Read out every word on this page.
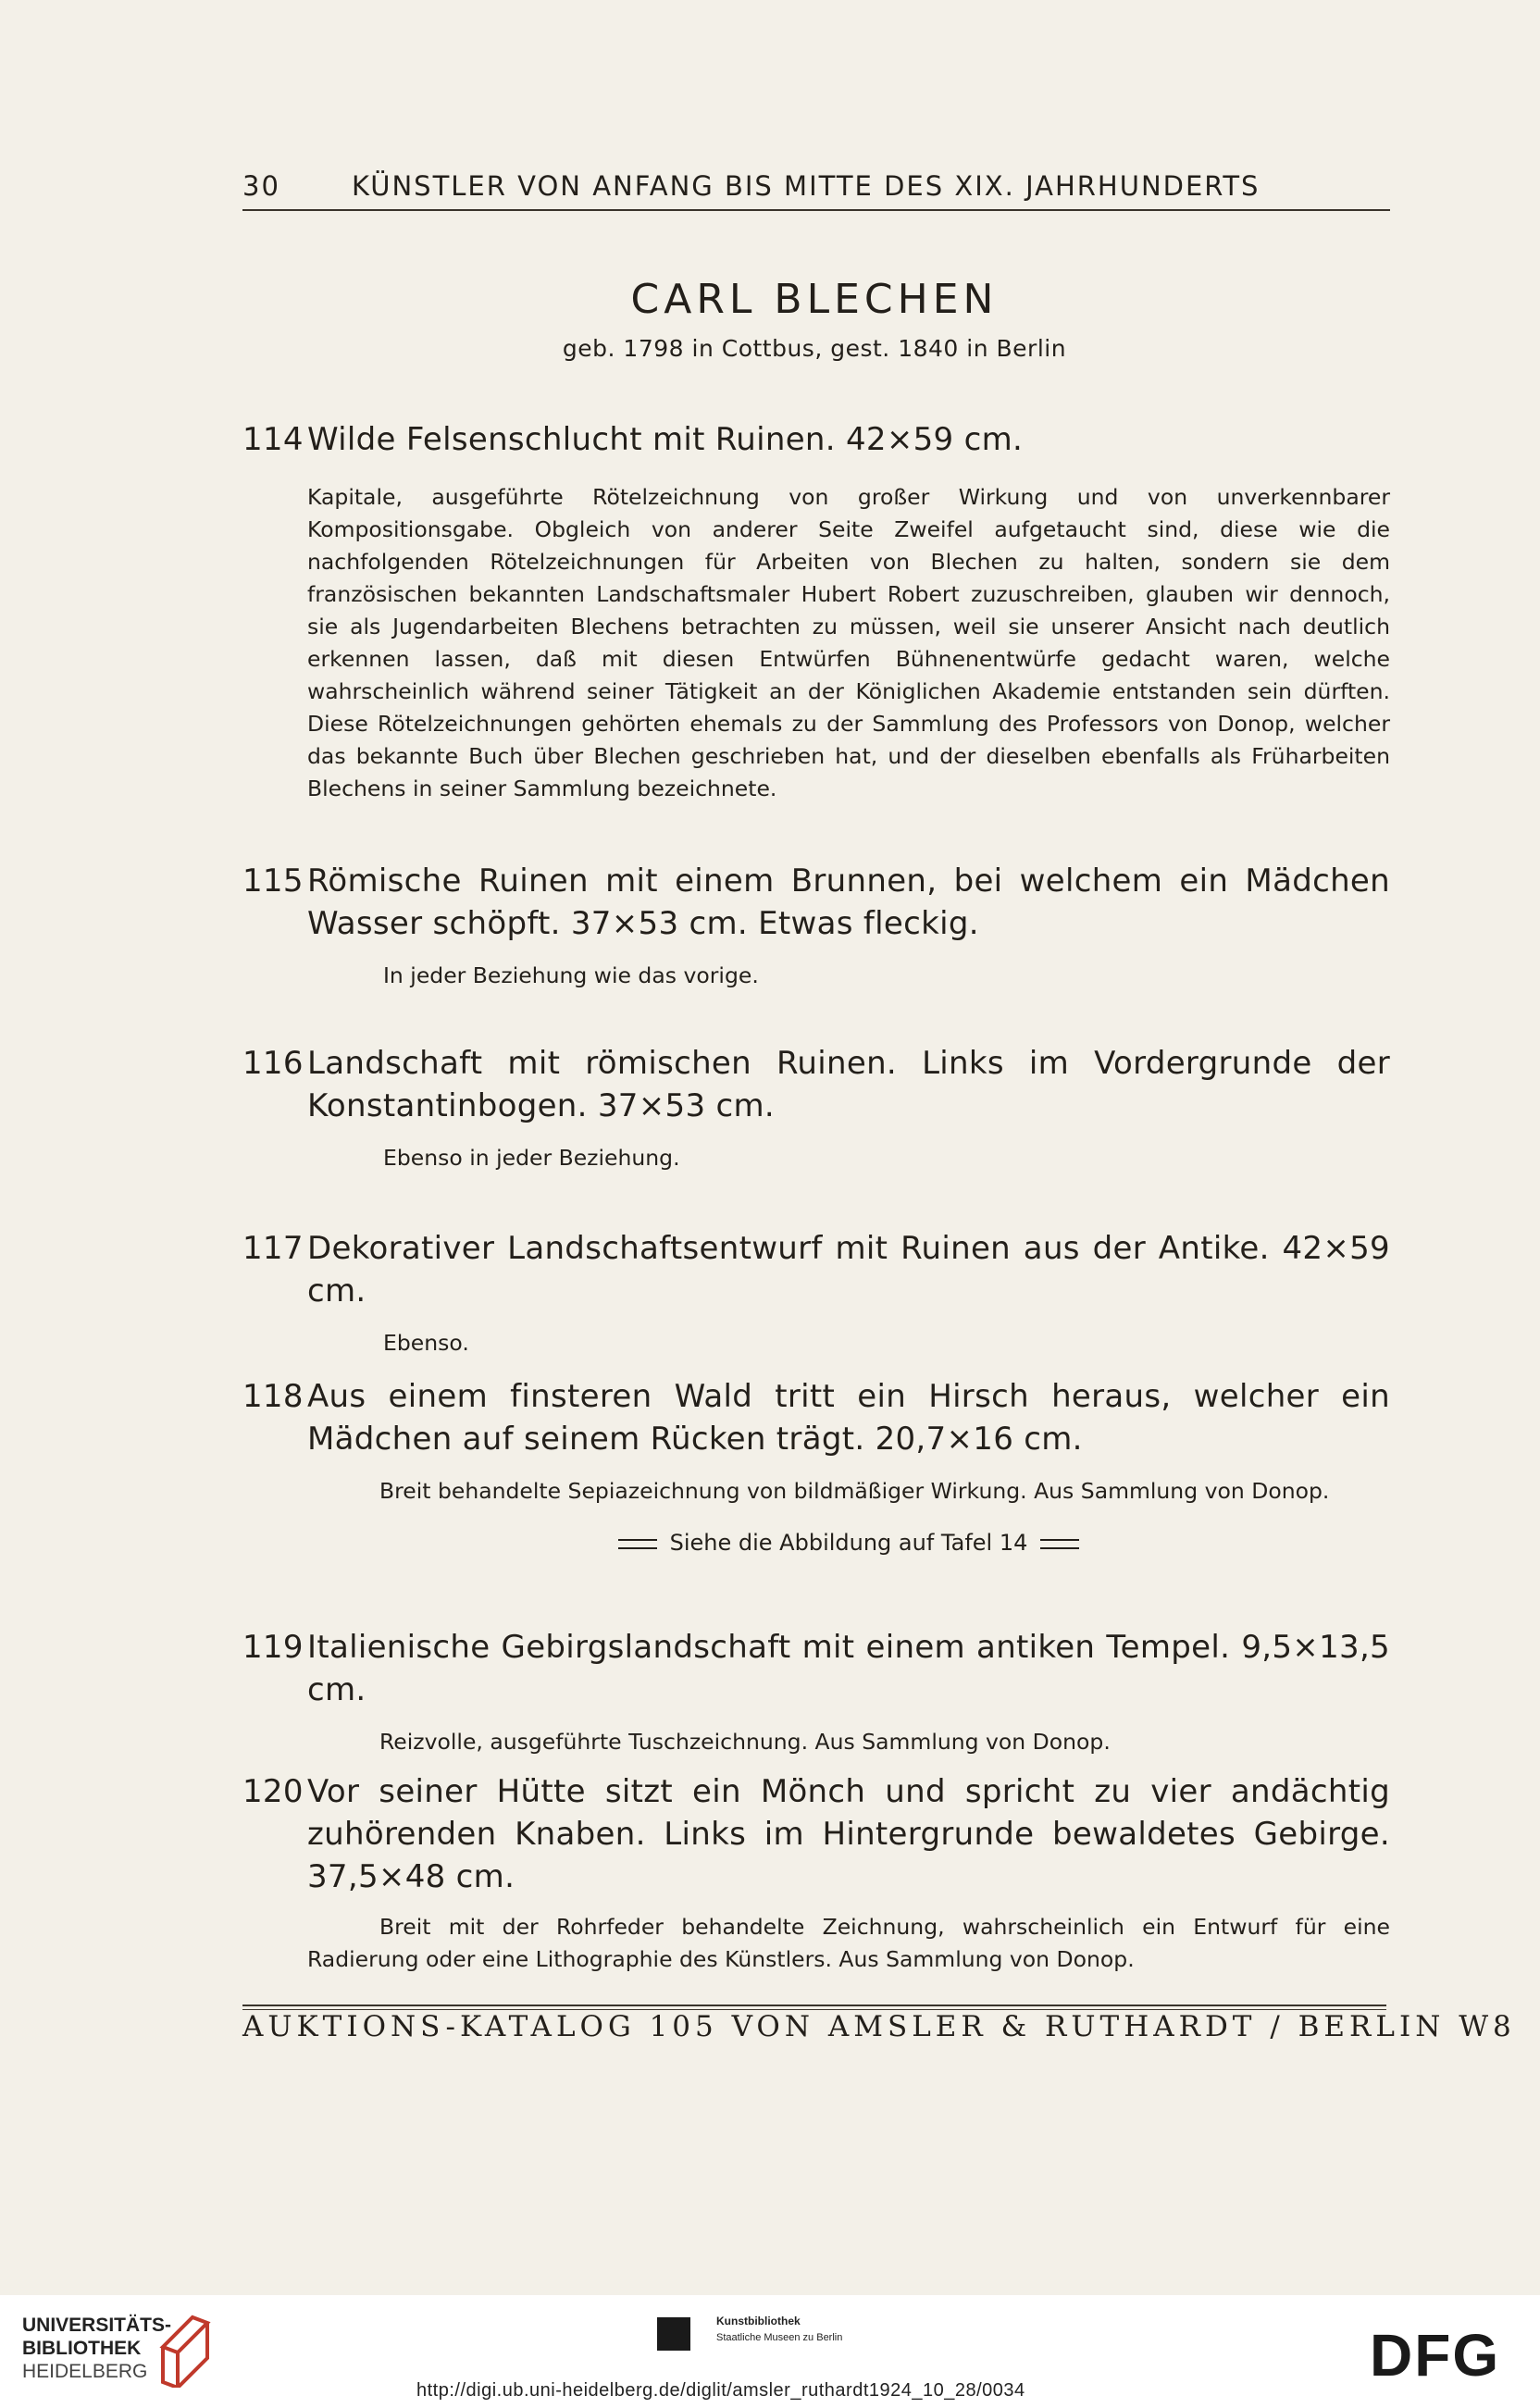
30	KÜNSTLER VON ANFANG BIS MITTE DES XIX. JAHRHUNDERTS
CARL BLECHEN
geb. 1798 in Cottbus, gest. 1840 in Berlin
114 Wilde Felsenschlucht mit Ruinen. 42×59 cm.
Kapitale, ausgeführte Rötelzeichnung von großer Wirkung und von unverkennbarer Kompositionsgabe. Obgleich von anderer Seite Zweifel aufgetaucht sind, diese wie die nachfolgenden Rötelzeichnungen für Arbeiten von Blechen zu halten, sondern sie dem französischen bekannten Landschaftsmaler Hubert Robert zuzuschreiben, glauben wir dennoch, sie als Jugendarbeiten Blechens betrachten zu müssen, weil sie unserer Ansicht nach deutlich erkennen lassen, daß mit diesen Entwürfen Bühnenentwürfe gedacht waren, welche wahrscheinlich während seiner Tätigkeit an der Königlichen Akademie entstanden sein dürften. Diese Rötelzeichnungen gehörten ehemals zu der Sammlung des Professors von Donop, welcher das bekannte Buch über Blechen geschrieben hat, und der dieselben ebenfalls als Früharbeiten Blechens in seiner Sammlung bezeichnete.
115 Römische Ruinen mit einem Brunnen, bei welchem ein Mädchen Wasser schöpft. 37×53 cm. Etwas fleckig.
In jeder Beziehung wie das vorige.
116 Landschaft mit römischen Ruinen. Links im Vordergrunde der Konstantinbogen. 37×53 cm.
Ebenso in jeder Beziehung.
117 Dekorativer Landschaftsentwurf mit Ruinen aus der Antike. 42×59 cm.
Ebenso.
118 Aus einem finsteren Wald tritt ein Hirsch heraus, welcher ein Mädchen auf seinem Rücken trägt. 20,7×16 cm.
Breit behandelte Sepiazeichnung von bildmäßiger Wirkung. Aus Sammlung von Donop.
Siehe die Abbildung auf Tafel 14
119 Italienische Gebirgslandschaft mit einem antiken Tempel. 9,5×13,5 cm.
Reizvolle, ausgeführte Tuschzeichnung. Aus Sammlung von Donop.
120 Vor seiner Hütte sitzt ein Mönch und spricht zu vier andächtig zuhörenden Knaben. Links im Hintergrunde bewaldetes Gebirge. 37,5×48 cm.
Breit mit der Rohrfeder behandelte Zeichnung, wahrscheinlich ein Entwurf für eine Radierung oder eine Lithographie des Künstlers. Aus Sammlung von Donop.
AUKTIONS-KATALOG 105 VON AMSLER & RUTHARDT / BERLIN W8
UNIVERSITÄTS-
BIBLIOTHEK
HEIDELBERG
Kunstbibliothek
Staatliche Museen zu Berlin	DFG
http://digi.ub.uni-heidelberg.de/diglit/amsler_ruthardt1924_10_28/0034
